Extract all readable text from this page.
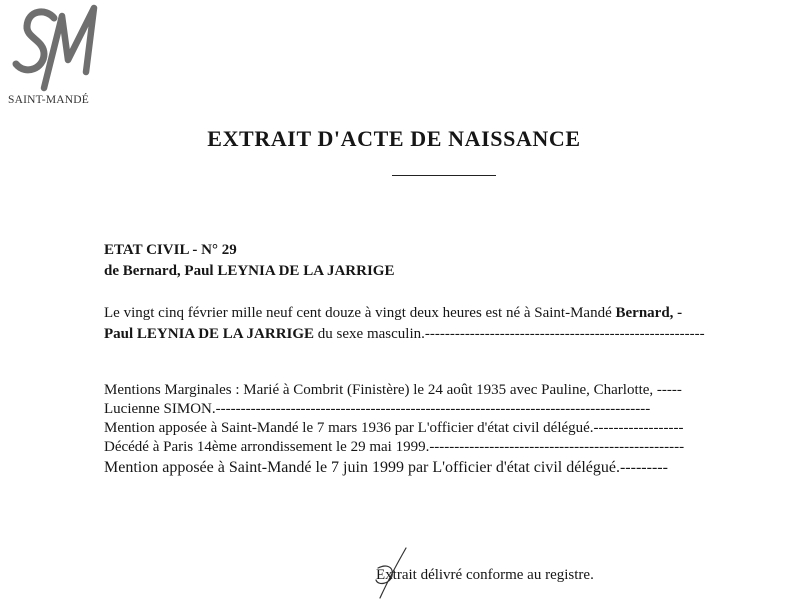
SAINT-MANDÉ
EXTRAIT D'ACTE DE NAISSANCE
ETAT CIVIL - N° 29
de Bernard, Paul LEYNIA DE LA JARRIGE
Le vingt cinq février mille neuf cent douze à vingt deux heures est né à Saint-Mandé Bernard, -
Paul LEYNIA DE LA JARRIGE du sexe masculin.--------------------------------------------------------
Mentions Marginales : Marié à Combrit (Finistère) le 24 août 1935 avec Pauline, Charlotte, -----
Lucienne SIMON.---------------------------------------------------------------------------------------
Mention apposée à Saint-Mandé le 7 mars 1936 par L'officier d'état civil délégué.------------------
Décédé à Paris 14ème arrondissement le 29 mai 1999.---------------------------------------------------
Mention apposée à Saint-Mandé le 7 juin 1999 par L'officier d'état civil délégué.---------
Extrait délivré conforme au registre.
